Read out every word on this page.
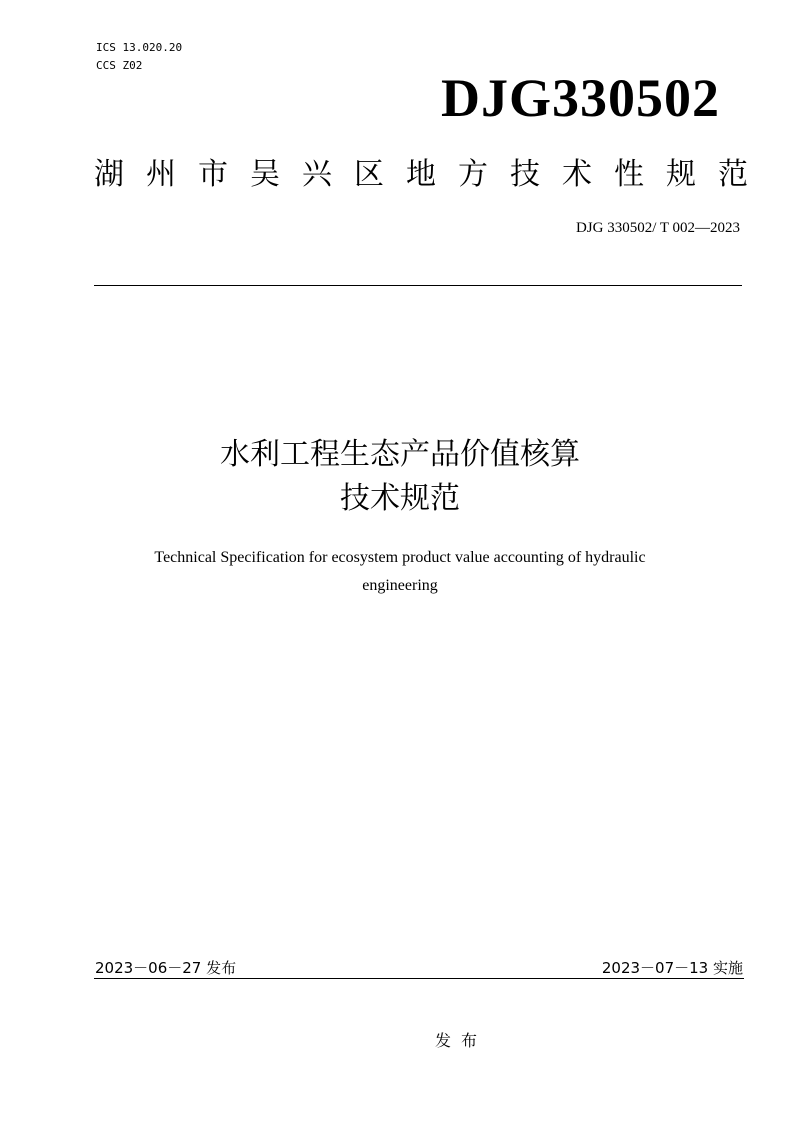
ICS 13.020.20
CCS Z02
DJG330502
湖 州 市 吴 兴 区 地 方 技 术 性 规 范
DJG 330502/ T 002—2023
水利工程生态产品价值核算
技术规范
Technical Specification for ecosystem product value accounting of hydraulic
engineering
2023－06－27 发布	2023－07－13 实施
发布
